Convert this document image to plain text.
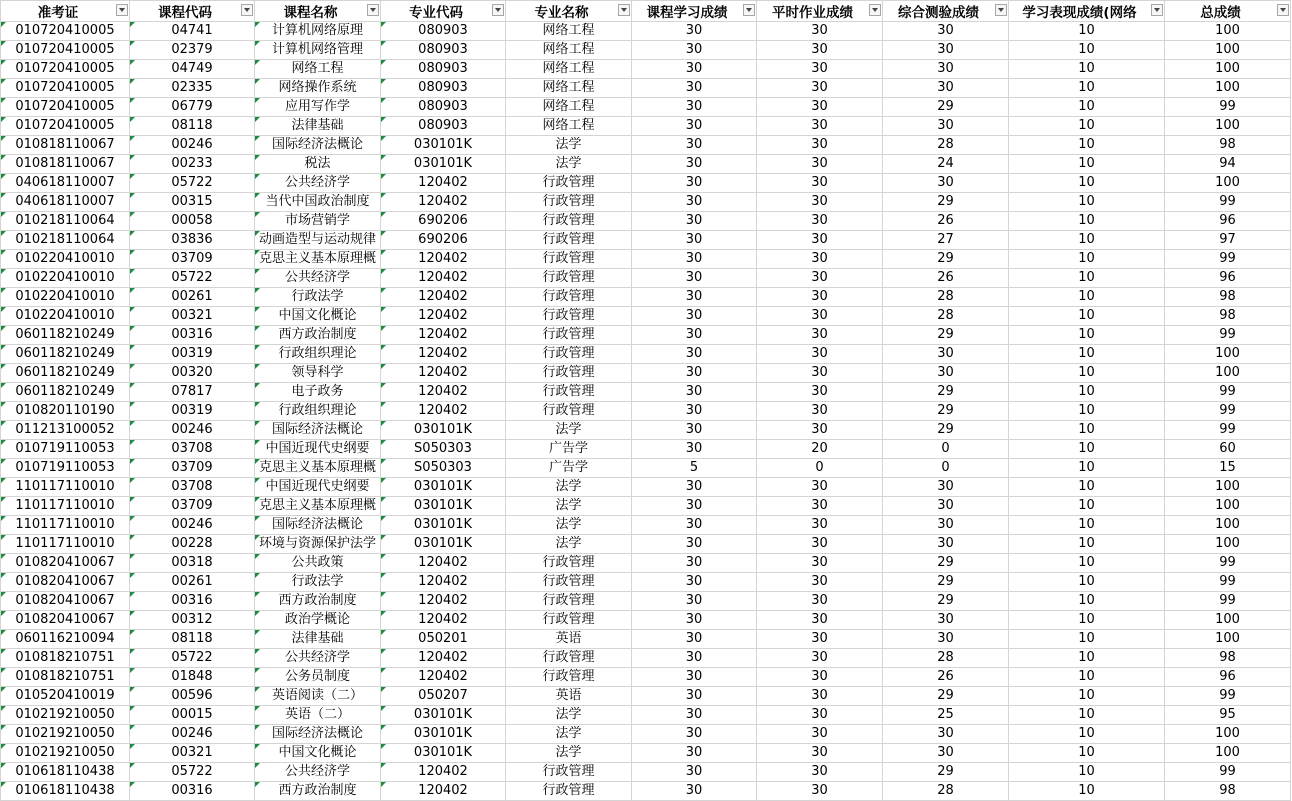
准考证	课程代码	课程名称	专业代码	专业名称	课程学习成绩	平时作业成绩	综合测验成绩	学习表现成绩(网络	总成绩

010720410005	04741	计算机网络原理	080903	网络工程	30	30	30	10	100
010720410005	02379	计算机网络管理	080903	网络工程	30	30	30	10	100
010720410005	04749	网络工程	080903	网络工程	30	30	30	10	100
010720410005	02335	网络操作系统	080903	网络工程	30	30	30	10	100
010720410005	06779	应用写作学	080903	网络工程	30	30	29	10	99
010720410005	08118	法律基础	080903	网络工程	30	30	30	10	100
010818110067	00246	国际经济法概论	030101K	法学	30	30	28	10	98
010818110067	00233	税法	030101K	法学	30	30	24	10	94
040618110007	05722	公共经济学	120402	行政管理	30	30	30	10	100
040618110007	00315	当代中国政治制度	120402	行政管理	30	30	29	10	99
010218110064	00058	市场营销学	690206	行政管理	30	30	26	10	96
010218110064	03836	动画造型与运动规律	690206	行政管理	30	30	27	10	97
010220410010	03709	克思主义基本原理概	120402	行政管理	30	30	29	10	99
010220410010	05722	公共经济学	120402	行政管理	30	30	26	10	96
010220410010	00261	行政法学	120402	行政管理	30	30	28	10	98
010220410010	00321	中国文化概论	120402	行政管理	30	30	28	10	98
060118210249	00316	西方政治制度	120402	行政管理	30	30	29	10	99
060118210249	00319	行政组织理论	120402	行政管理	30	30	30	10	100
060118210249	00320	领导科学	120402	行政管理	30	30	30	10	100
060118210249	07817	电子政务	120402	行政管理	30	30	29	10	99
010820110190	00319	行政组织理论	120402	行政管理	30	30	29	10	99
011213100052	00246	国际经济法概论	030101K	法学	30	30	29	10	99
010719110053	03708	中国近现代史纲要	S050303	广告学	30	20	0	10	60
010719110053	03709	克思主义基本原理概	S050303	广告学	5	0	0	10	15
110117110010	03708	中国近现代史纲要	030101K	法学	30	30	30	10	100
110117110010	03709	克思主义基本原理概	030101K	法学	30	30	30	10	100
110117110010	00246	国际经济法概论	030101K	法学	30	30	30	10	100
110117110010	00228	环境与资源保护法学	030101K	法学	30	30	30	10	100
010820410067	00318	公共政策	120402	行政管理	30	30	29	10	99
010820410067	00261	行政法学	120402	行政管理	30	30	29	10	99
010820410067	00316	西方政治制度	120402	行政管理	30	30	29	10	99
010820410067	00312	政治学概论	120402	行政管理	30	30	30	10	100
060116210094	08118	法律基础	050201	英语	30	30	30	10	100
010818210751	05722	公共经济学	120402	行政管理	30	30	28	10	98
010818210751	01848	公务员制度	120402	行政管理	30	30	26	10	96
010520410019	00596	英语阅读（二）	050207	英语	30	30	29	10	99
010219210050	00015	英语（二）	030101K	法学	30	30	25	10	95
010219210050	00246	国际经济法概论	030101K	法学	30	30	30	10	100
010219210050	00321	中国文化概论	030101K	法学	30	30	30	10	100
010618110438	05722	公共经济学	120402	行政管理	30	30	29	10	99
010618110438	00316	西方政治制度	120402	行政管理	30	30	28	10	98
